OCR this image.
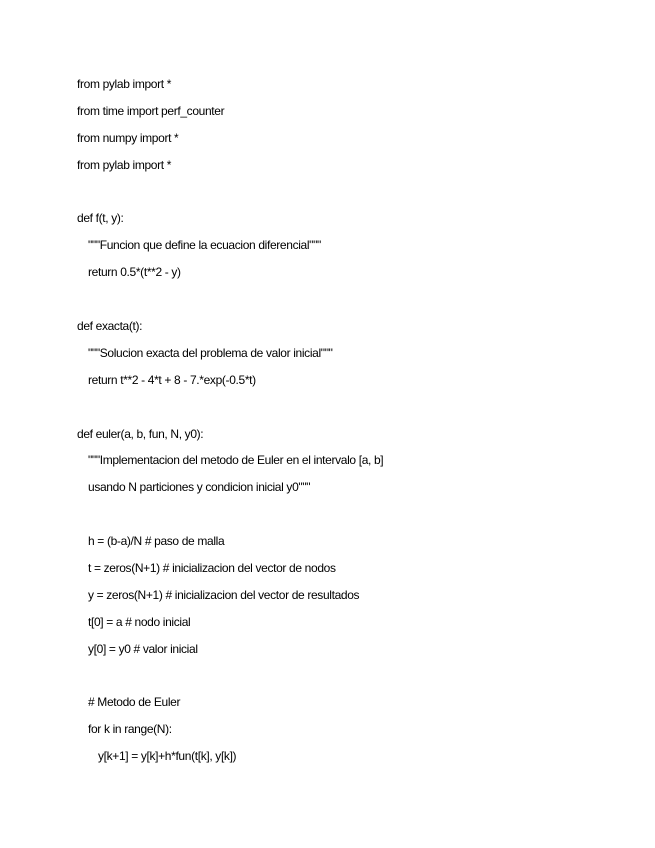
from pylab import *
from time import perf_counter
from numpy import *
from pylab import *
def f(t, y):
"""Funcion que define la ecuacion diferencial"""
return 0.5*(t**2 - y)
def exacta(t):
"""Solucion exacta del problema de valor inicial"""
return t**2 - 4*t + 8 - 7.*exp(-0.5*t)
def euler(a, b, fun, N, y0):
"""Implementacion del metodo de Euler en el intervalo [a, b]
usando N particiones y condicion inicial y0"""
h = (b-a)/N # paso de malla
t = zeros(N+1) # inicializacion del vector de nodos
y = zeros(N+1) # inicializacion del vector de resultados
t[0] = a # nodo inicial
y[0] = y0 # valor inicial
# Metodo de Euler
for k in range(N):
y[k+1] = y[k]+h*fun(t[k], y[k])
